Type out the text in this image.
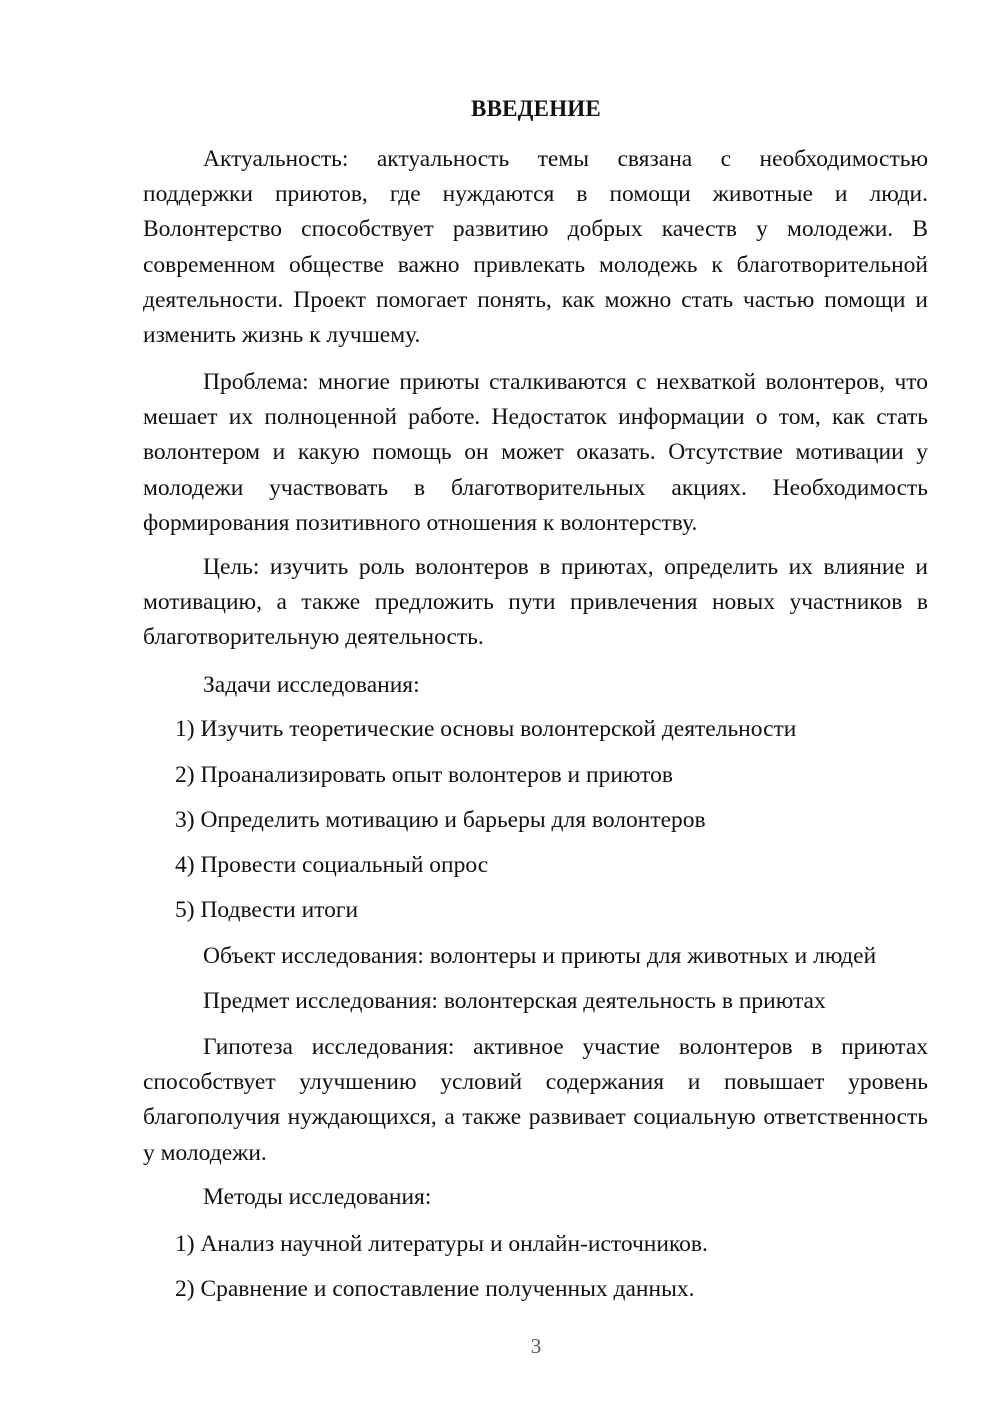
ВВЕДЕНИЕ

Актуальность: актуальность темы связана с необходимостью поддержки приютов, где нуждаются в помощи животные и люди. Волонтерство способствует развитию добрых качеств у молодежи. В современном обществе важно привлекать молодежь к благотворительной деятельности. Проект помогает понять, как можно стать частью помощи и изменить жизнь к лучшему.

Проблема: многие приюты сталкиваются с нехваткой волонтеров, что мешает их полноценной работе. Недостаток информации о том, как стать волонтером и какую помощь он может оказать. Отсутствие мотивации у молодежи участвовать в благотворительных акциях. Необходимость формирования позитивного отношения к волонтерству.

Цель: изучить роль волонтеров в приютах, определить их влияние и мотивацию, а также предложить пути привлечения новых участников в благотворительную деятельность.

Задачи исследования:

1) Изучить теоретические основы волонтерской деятельности

2) Проанализировать опыт волонтеров и приютов

3) Определить мотивацию и барьеры для волонтеров

4) Провести социальный опрос

5) Подвести итоги

Объект исследования: волонтеры и приюты для животных и людей

Предмет исследования: волонтерская деятельность в приютах

Гипотеза исследования: активное участие волонтеров в приютах способствует улучшению условий содержания и повышает уровень благополучия нуждающихся, а также развивает социальную ответственность у молодежи.

Методы исследования:

1) Анализ научной литературы и онлайн-источников.

2) Сравнение и сопоставление полученных данных.

3
